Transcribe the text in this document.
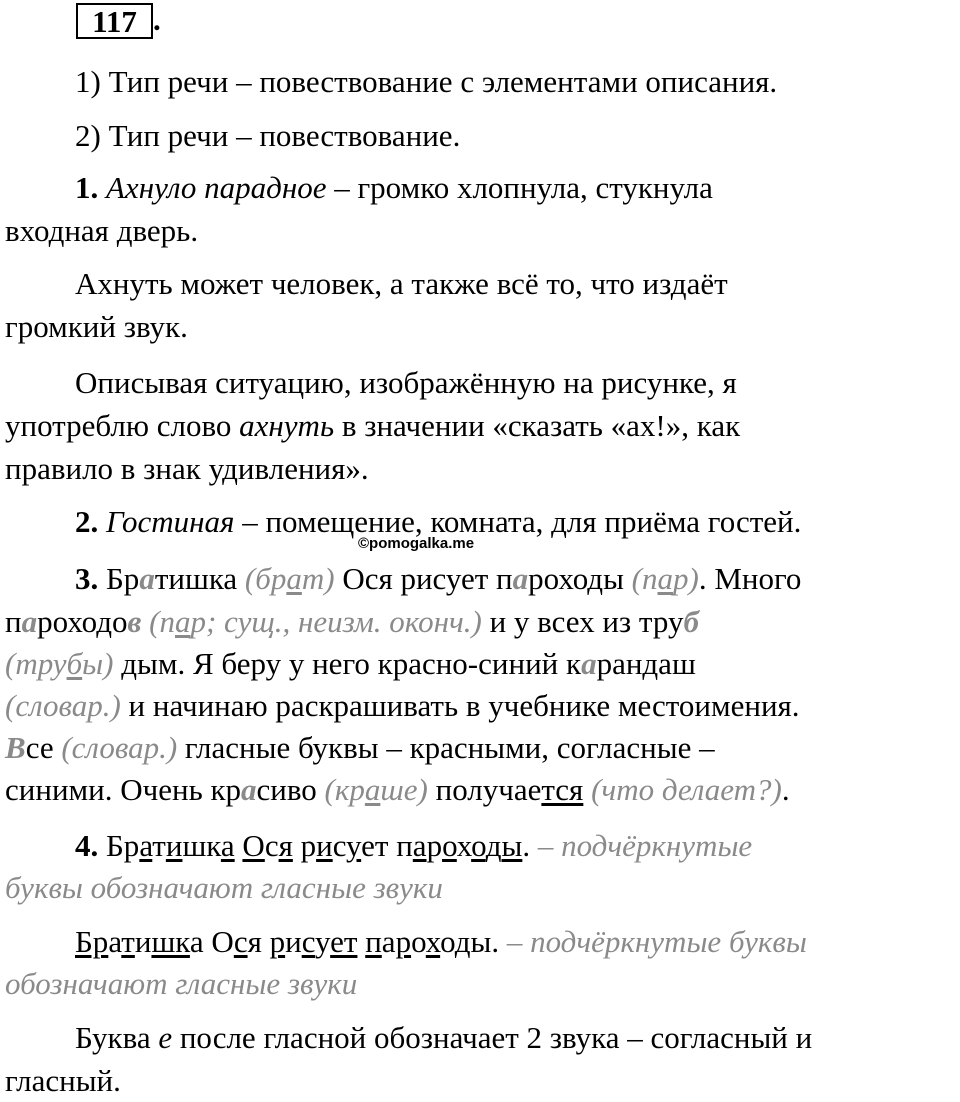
117 .

1) Тип речи – повествование с элементами описания.

2) Тип речи – повествование.

1. Ахнуло парадное – громко хлопнула, стукнула
входная дверь.
Ахнуть может человек, а также всё то, что издаёт
громкий звук.
Описывая ситуацию, изображённую на рисунке, я
употреблю слово ахнуть в значении «сказать «ах!», как
правило в знак удивления».
2. Гостиная – помещение, комната, для приёма гостей.
©pomogalka.me
3. Братишка (брат) Ося рисует пароходы (пар). Много
пароходов (пар; сущ., неизм. оконч.) и у всех из труб
(трубы) дым. Я беру у него красно-синий карандаш
(словар.) и начинаю раскрашивать в учебнике местоимения.
Все (словар.) гласные буквы – красными, согласные –
синими. Очень красиво (краше) получается (что делает?).
4. Братишка Ося рисует пароходы. – подчёркнутые
буквы обозначают гласные звуки
Братишка Ося рисует пароходы. – подчёркнутые буквы
обозначают гласные звуки
Буква е после гласной обозначает 2 звука – согласный и
гласный.
